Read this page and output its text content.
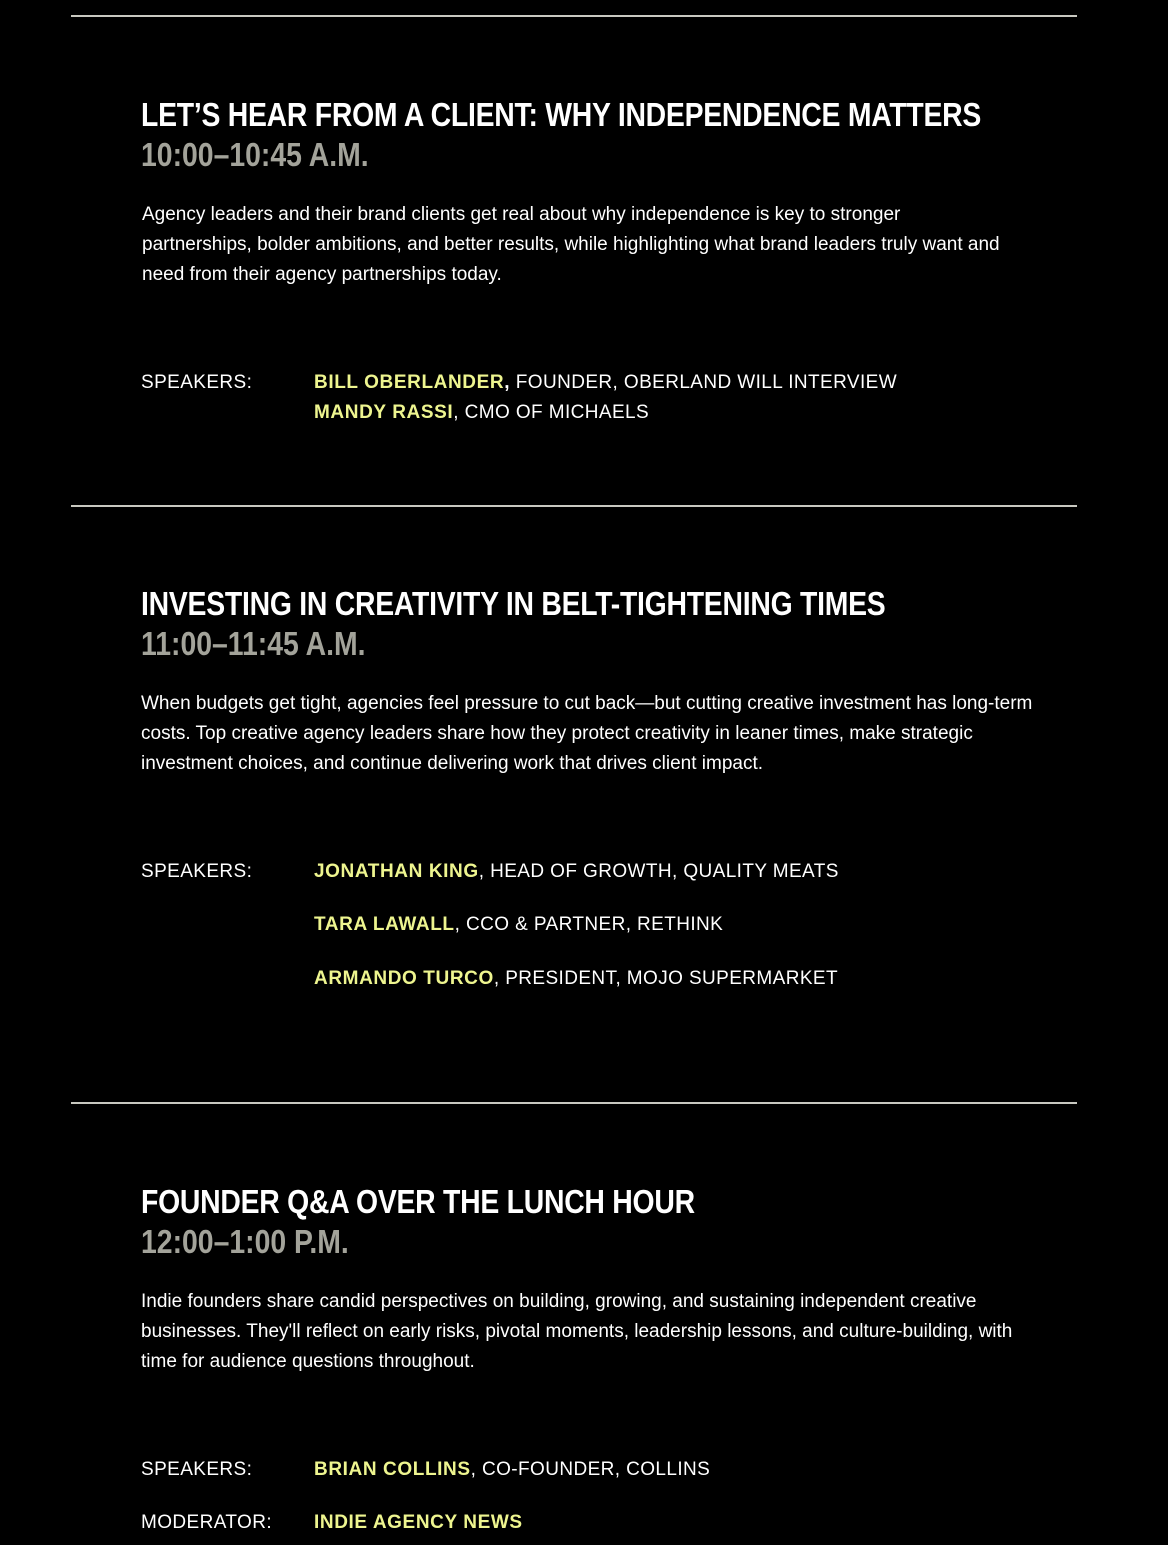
LET’S HEAR FROM A CLIENT: WHY INDEPENDENCE MATTERS
10:00–10:45 A.M.

Agency leaders and their brand clients get real about why independence is key to stronger partnerships, bolder ambitions, and better results, while highlighting what brand leaders truly want and need from their agency partnerships today.

SPEAKERS:	BILL OBERLANDER, FOUNDER, OBERLAND WILL INTERVIEW
MANDY RASSI, CMO OF MICHAELS
INVESTING IN CREATIVITY IN BELT-TIGHTENING TIMES
11:00–11:45 A.M.

When budgets get tight, agencies feel pressure to cut back—but cutting creative investment has long-term costs. Top creative agency leaders share how they protect creativity in leaner times, make strategic investment choices, and continue delivering work that drives client impact.

SPEAKERS:	JONATHAN KING, HEAD OF GROWTH, QUALITY MEATS
TARA LAWALL, CCO & PARTNER, RETHINK
ARMANDO TURCO, PRESIDENT, MOJO SUPERMARKET
FOUNDER Q&A OVER THE LUNCH HOUR
12:00–1:00 P.M.

Indie founders share candid perspectives on building, growing, and sustaining independent creative businesses. They'll reflect on early risks, pivotal moments, leadership lessons, and culture-building, with time for audience questions throughout.

SPEAKERS:	BRIAN COLLINS, CO-FOUNDER, COLLINS
MODERATOR: INDIE AGENCY NEWS
